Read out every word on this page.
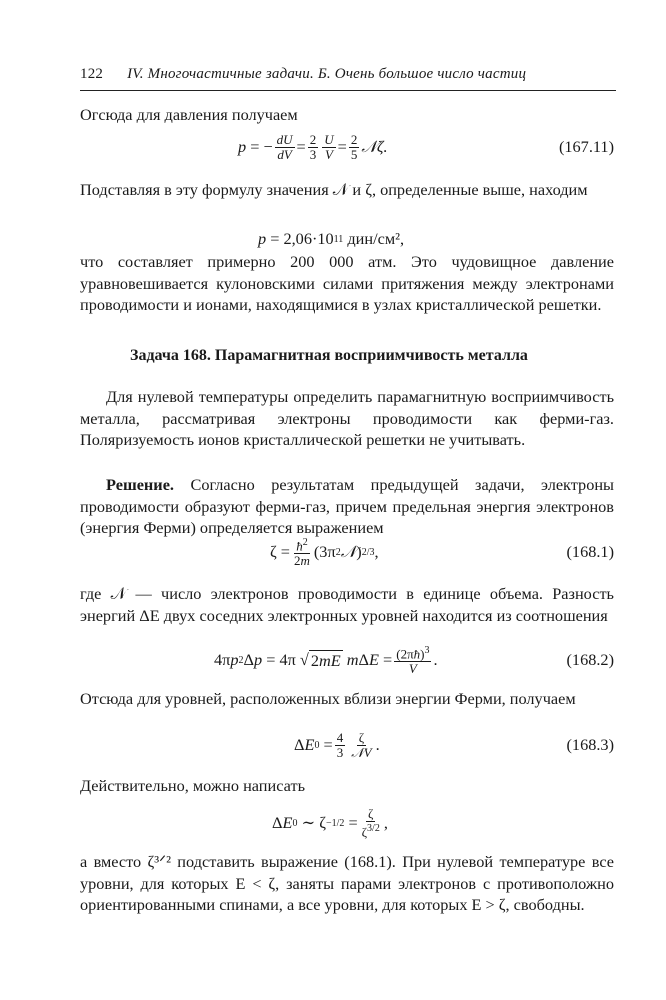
122 IV. Многочастичные задачи. Б. Очень большое число частиц
Огсюда для давления получаем
p = − $\frac{dU}{dV} = \frac{2}{3} \frac{U}{V} = \frac{2}{5}$ 𝒩ζ.	(167.11)
Подставляя в эту формулу значения 𝒩 и ζ, определенные выше, находим
p = 2,06·10 11
дин/см² ,
что составляет примерно 200 000 атм. Это чудовищное давление уравновешивается кулоновскими силами притяжения между электронами проводимости и ионами, находящимися в узлах кристаллической решетки.
Задача 168. Парамагнитная восприимчивость металла
Для нулевой температуры определить парамагнитную восприимчивость металла, рассматривая электроны проводимости как ферми-газ. Поляризуемость ионов кристаллической решетки не учитывать.
Решение. Согласно результатам предыдущей задачи, электроны проводимости образуют ферми-газ, причем предельная энергия электронов (энергия Ферми) определяется выражением
$\zeta = \frac{ħ^2}{2m} (3\pi$ 2 𝒩 ) 2/3 ,	(168.1)
где 𝒩 — число электронов проводимости в единице объема. Разность энергий ΔE двух соседних электронных уровней находится из соотношения
4π p 2 Δ p = 4π √ 2mE
m Δ $E = \frac{(2\pi ħ)^3}{V}$ .	(168.2)
Отсюда для уровней, расположенных вблизи энергии Ферми, получаем
Δ E $0 = \frac{4}{3} \frac{\zeta}{\text{𝒩V}}$ .	(168.3)
Действительно, можно написать
Δ E 0 ∼ $\zeta -1/2 = \frac{\zeta}{\zeta^{3/2}}$ ,
а вместо ζ³ᐟ² подставить выражение (168.1). При нулевой температуре все уровни, для которых E < ζ, заняты парами электронов с противоположно ориентированными спинами, а все уровни, для которых E > ζ, свободны.
